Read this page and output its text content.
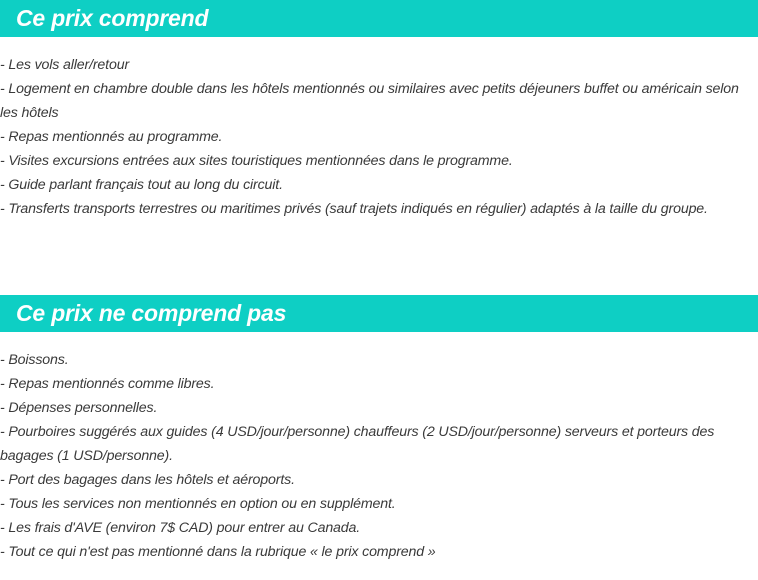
Ce prix comprend
- Les vols aller/retour
- Logement en chambre double dans les hôtels mentionnés ou similaires avec petits déjeuners buffet ou américain selon les hôtels
- Repas mentionnés au programme.
- Visites excursions entrées aux sites touristiques mentionnées dans le programme.
- Guide parlant français tout au long du circuit.
- Transferts transports terrestres ou maritimes privés (sauf trajets indiqués en régulier) adaptés à la taille du groupe.
Ce prix ne comprend pas
- Boissons.
- Repas mentionnés comme libres.
- Dépenses personnelles.
- Pourboires suggérés aux guides (4 USD/jour/personne) chauffeurs (2 USD/jour/personne) serveurs et porteurs des bagages (1 USD/personne).
- Port des bagages dans les hôtels et aéroports.
- Tous les services non mentionnés en option ou en supplément.
- Les frais d'AVE (environ 7$ CAD) pour entrer au Canada.
- Tout ce qui n'est pas mentionné dans la rubrique « le prix comprend »
